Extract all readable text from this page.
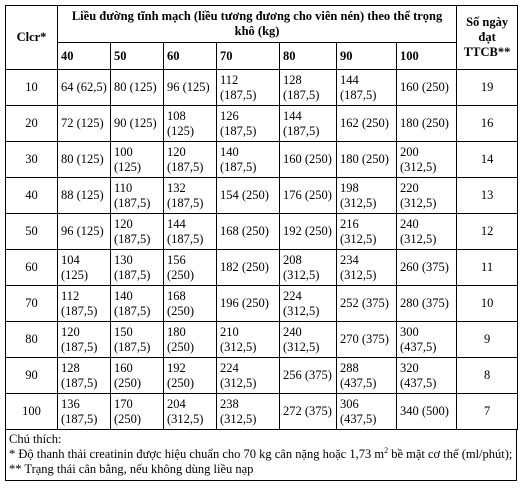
Clcr*	Liều đường tĩnh mạch (liều tương đương cho viên nén) theo thể trọng khô (kg)							Số ngày đạt TTCB**
	40	50	60	70	80	90	100	
10	64 (62,5)	80 (125)	96 (125)	112 (187,5)	128 (187,5)	144 (187,5)	160 (250)	19
20	72 (125)	90 (125)	108 (125)	126 (187,5)	144 (187,5)	162 (250)	180 (250)	16
30	80 (125)	100 (125)	120 (187,5)	140 (187,5)	160 (250)	180 (250)	200 (312,5)	14
40	88 (125)	110 (187,5)	132 (187,5)	154 (250)	176 (250)	198 (312,5)	220 (312,5)	13
50	96 (125)	120 (187,5)	144 (187,5)	168 (250)	192 (250)	216 (312,5)	240 (312,5)	12
60	104 (125)	130 (187,5)	156 (250)	182 (250)	208 (312,5)	234 (312,5)	260 (375)	11
70	112 (187,5)	140 (187,5)	168 (250)	196 (250)	224 (312,5)	252 (375)	280 (375)	10
80	120 (187,5)	150 (187,5)	180 (250)	210 (312,5)	240 (312,5)	270 (375)	300 (437,5)	9
90	128 (187,5)	160 (250)	192 (250)	224 (312,5)	256 (375)	288 (437,5)	320 (437,5)	8
100	136 (187,5)	170 (250)	204 (312,5)	238 (312,5)	272 (375)	306 (437,5)	340 (500)	7
Chú thích:
* Độ thanh thải creatinin được hiệu chuẩn cho 70 kg cân nặng hoặc 1,73 $m^2$ bề mặt cơ thể (ml/phút);
** Trạng thái cân bằng, nếu không dùng liều nạp
